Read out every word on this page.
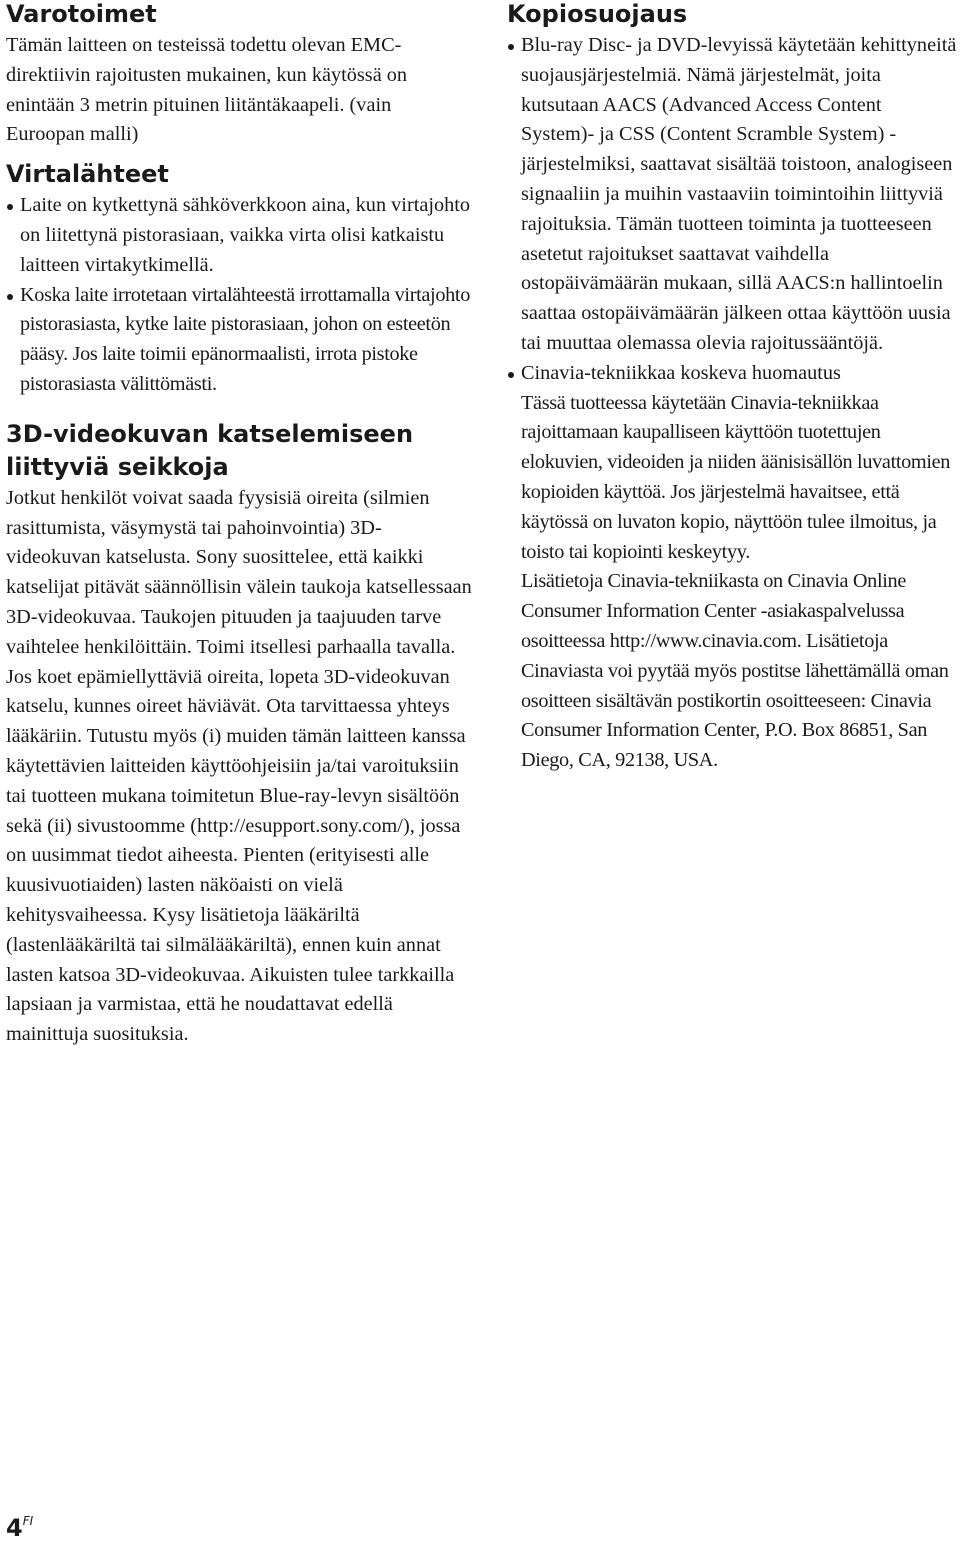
Varotoimet

Tämän laitteen on testeissä todettu olevan EMC-direktiivin rajoitusten mukainen, kun käytössä on enintään 3 metrin pituinen liitäntäkaapeli. (vain Euroopan malli)

Virtalähteet
Laite on kytkettynä sähköverkkoon aina, kun virtajohto on liitettynä pistorasiaan, vaikka virta olisi katkaistu laitteen virtakytkimellä.
Koska laite irrotetaan virtalähteestä irrottamalla virtajohto pistorasiasta, kytke laite pistorasiaan, johon on esteetön pääsy. Jos laite toimii epänormaalisti, irrota pistoke pistorasiasta välittömästi.
3D-videokuvan katselemiseen liittyviä seikkoja

Jotkut henkilöt voivat saada fyysisiä oireita (silmien rasittumista, väsymystä tai pahoinvointia) 3D-videokuvan katselusta. Sony suosittelee, että kaikki katselijat pitävät säännöllisin välein taukoja katsellessaan 3D-videokuvaa. Taukojen pituuden ja taajuuden tarve vaihtelee henkilöittäin. Toimi itsellesi parhaalla tavalla. Jos koet epämiellyttäviä oireita, lopeta 3D-videokuvan katselu, kunnes oireet häviävät. Ota tarvittaessa yhteys lääkäriin. Tutustu myös (i) muiden tämän laitteen kanssa käytettävien laitteiden käyttöohjeisiin ja/tai varoituksiin tai tuotteen mukana toimitetun Blue-ray-levyn sisältöön sekä (ii) sivustoomme (http://esupport.sony.com/), jossa on uusimmat tiedot aiheesta. Pienten (erityisesti alle kuusivuotiaiden) lasten näköaisti on vielä kehitysvaiheessa. Kysy lisätietoja lääkäriltä (lastenlääkäriltä tai silmälääkäriltä), ennen kuin annat lasten katsoa 3D-videokuvaa. Aikuisten tulee tarkkailla lapsiaan ja varmistaa, että he noudattavat edellä mainittuja suosituksia.

Kopiosuojaus
Blu-ray Disc- ja DVD-levyissä käytetään kehittyneitä suojausjärjestelmiä. Nämä järjestelmät, joita kutsutaan AACS (Advanced Access Content System)- ja CSS (Content Scramble System) -järjestelmiksi, saattavat sisältää toistoon, analogiseen signaaliin ja muihin vastaaviin toimintoihin liittyviä rajoituksia. Tämän tuotteen toiminta ja tuotteeseen asetetut rajoitukset saattavat vaihdella ostopäivämäärän mukaan, sillä AACS:n hallintoelin saattaa ostopäivämäärän jälkeen ottaa käyttöön uusia tai muuttaa olemassa olevia rajoitussääntöjä.
Cinavia-tekniikkaa koskeva huomautus

Tässä tuotteessa käytetään Cinavia-tekniikkaa rajoittamaan kaupalliseen käyttöön tuotettujen elokuvien, videoiden ja niiden äänisisällön luvattomien kopioiden käyttöä. Jos järjestelmä havaitsee, että käytössä on luvaton kopio, näyttöön tulee ilmoitus, ja toisto tai kopiointi keskeytyy.

Lisätietoja Cinavia-tekniikasta on Cinavia Online Consumer Information Center -asiakaspalvelussa osoitteessa http://www.cinavia.com. Lisätietoja Cinaviasta voi pyytää myös postitse lähettämällä oman osoitteen sisältävän postikortin osoitteeseen: Cinavia Consumer Information Center, P.O. Box 86851, San Diego, CA, 92138, USA.

$4^{FI}$
